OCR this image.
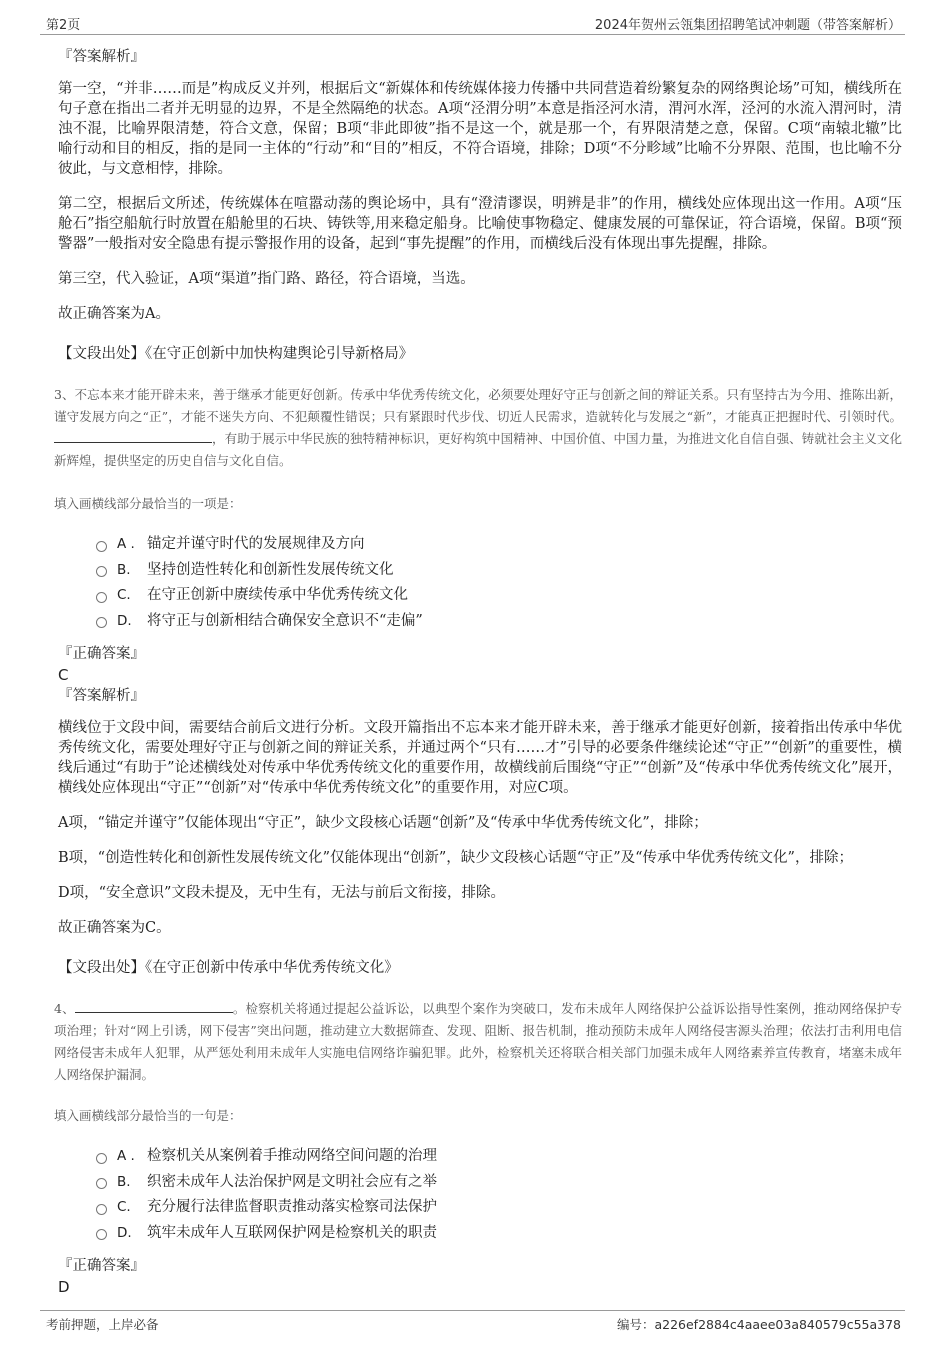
第2页	2024年贺州云瓴集团招聘笔试冲刺题（带答案解析）
『答案解析』

第一空，“并非……而是”构成反义并列，根据后文“新媒体和传统媒体接力传播中共同营造着纷繁复杂的网络舆论场”可知，横线所在句子意在指出二者并无明显的边界，不是全然隔绝的状态。A项“泾渭分明”本意是指泾河水清，渭河水浑，泾河的水流入渭河时，清浊不混，比喻界限清楚，符合文意，保留；B项“非此即彼”指不是这一个，就是那一个，有界限清楚之意，保留。C项“南辕北辙”比喻行动和目的相反，指的是同一主体的“行动”和“目的”相反，不符合语境，排除；D项“不分畛域”比喻不分界限、范围，也比喻不分彼此，与文意相悖，排除。

第二空，根据后文所述，传统媒体在喧嚣动荡的舆论场中，具有“澄清谬误，明辨是非”的作用，横线处应体现出这一作用。A项“压舱石”指空船航行时放置在船舱里的石块、铸铁等,用来稳定船身。比喻使事物稳定、健康发展的可靠保证，符合语境，保留。B项“预警器”一般指对安全隐患有提示警报作用的设备，起到“事先提醒”的作用，而横线后没有体现出事先提醒，排除。

第三空，代入验证，A项“渠道”指门路、路径，符合语境，当选。

故正确答案为A。

【文段出处】《在守正创新中加快构建舆论引导新格局》

3、不忘本来才能开辟未来，善于继承才能更好创新。传承中华优秀传统文化，必须要处理好守正与创新之间的辩证关系。只有坚持古为今用、推陈出新，谨守发展方向之“正”，才能不迷失方向、不犯颠覆性错误；只有紧跟时代步伐、切近人民需求，造就转化与发展之“新”，才能真正把握时代、引领时代。，有助于展示中华民族的独特精神标识，更好构筑中国精神、中国价值、中国力量，为推进文化自信自强、铸就社会主义文化新辉煌，提供坚定的历史自信与文化自信。

填入画横线部分最恰当的一项是：

A . 锚定并谨守时代的发展规律及方向
B.	坚持创造性转化和创新性发展传统文化
C.	在守正创新中赓续传承中华优秀传统文化
D.	将守正与创新相结合确保安全意识不“走偏”
『正确答案』
C
『答案解析』

横线位于文段中间，需要结合前后文进行分析。文段开篇指出不忘本来才能开辟未来，善于继承才能更好创新，接着指出传承中华优秀传统文化，需要处理好守正与创新之间的辩证关系，并通过两个“只有……才”引导的必要条件继续论述“守正”“创新”的重要性，横线后通过“有助于”论述横线处对传承中华优秀传统文化的重要作用，故横线前后围绕“守正”“创新”及“传承中华优秀传统文化”展开，横线处应体现出“守正”“创新”对“传承中华优秀传统文化”的重要作用，对应C项。

A项，“锚定并谨守”仅能体现出“守正”，缺少文段核心话题“创新”及“传承中华优秀传统文化”，排除；

B项，“创造性转化和创新性发展传统文化”仅能体现出“创新”，缺少文段核心话题“守正”及“传承中华优秀传统文化”，排除；

D项，“安全意识”文段未提及，无中生有，无法与前后文衔接，排除。

故正确答案为C。

【文段出处】《在守正创新中传承中华优秀传统文化》

4、	。检察机关将通过提起公益诉讼，以典型个案作为突破口，发布未成年人网络保护公益诉讼指导性案例，推动网络保护专项治理；针对“网上引诱，网下侵害”突出问题，推动建立大数据筛查、发现、阻断、报告机制，推动预防未成年人网络侵害源头治理；依法打击利用电信网络侵害未成年人犯罪，从严惩处利用未成年人实施电信网络诈骗犯罪。此外，检察机关还将联合相关部门加强未成年人网络素养宣传教育，堵塞未成年人网络保护漏洞。

填入画横线部分最恰当的一句是：

A . 检察机关从案例着手推动网络空间问题的治理
B.	织密未成年人法治保护网是文明社会应有之举
C.	充分履行法律监督职责推动落实检察司法保护
D.	筑牢未成年人互联网保护网是检察机关的职责
『正确答案』
D
考前押题，上岸必备	编号：a226ef2884c4aaee03a840579c55a378
